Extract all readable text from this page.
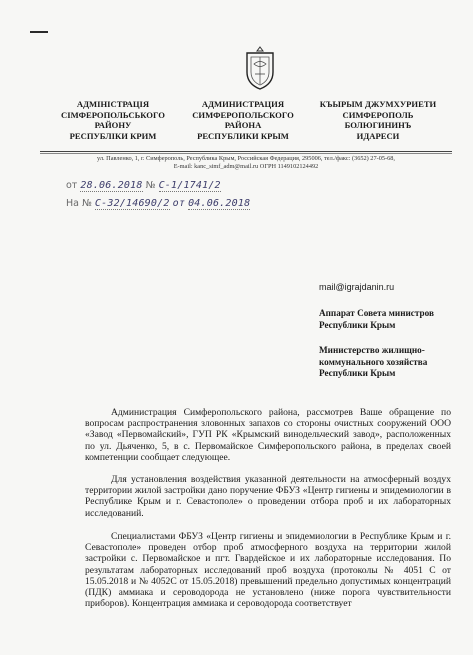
АДМІНІСТРАЦІЯ
СІМФЕРОПОЛЬСЬКОГО
РАЙОНУ
РЕСПУБЛІКИ КРИМ
АДМИНИСТРАЦИЯ
СИМФЕРОПОЛЬСКОГО
РАЙОНА
РЕСПУБЛИКИ КРЫМ
КЪЫРЫМ ДЖУМХУРИЕТИ
СИМФЕРОПОЛЬ
БОЛЮГИНИНЪ
ИДАРЕСИ
ул. Павленко, 1, г. Симферополь, Республика Крым, Российская Федерация, 295006, тел./факс: (3652) 27-05-68,
E-mail: kanc_simf_adm@mail.ru ОГРН 1149102124492
от 28.06.2018 № С-1/1741/2
На № С-32/14690/2 от 04.06.2018
mail@igrajdanin.ru
Аппарат Совета министров
Республики Крым
Министерство жилищно-
коммунального хозяйства
Республики Крым

Администрация Симферопольского района, рассмотрев Ваше обращение по вопросам распространения зловонных запахов со стороны очистных сооружений ООО «Завод «Первомайский», ГУП РК «Крымский винодельческий завод», расположенных по ул. Дьяченко, 5, в с. Первомайское Симферопольского района, в пределах своей компетенции сообщает следующее.

Для установления воздействия указанной деятельности на атмосферный воздух территории жилой застройки дано поручение ФБУЗ «Центр гигиены и эпидемиологии в Республике Крым и г. Севастополе» о проведении отбора проб и их лабораторных исследований.

Специалистами ФБУЗ «Центр гигиены и эпидемиологии в Республике Крым и г. Севастополе» проведен отбор проб атмосферного воздуха на территории жилой застройки с. Первомайское и пгт. Гвардейское и их лабораторные исследования. По результатам лабораторных исследований проб воздуха (протоколы № 4051 С от 15.05.2018 и № 4052С от 15.05.2018) превышений предельно допустимых концентраций (ПДК) аммиака и сероводорода не установлено (ниже порога чувствительности приборов). Концентрация аммиака и сероводорода соответствует
